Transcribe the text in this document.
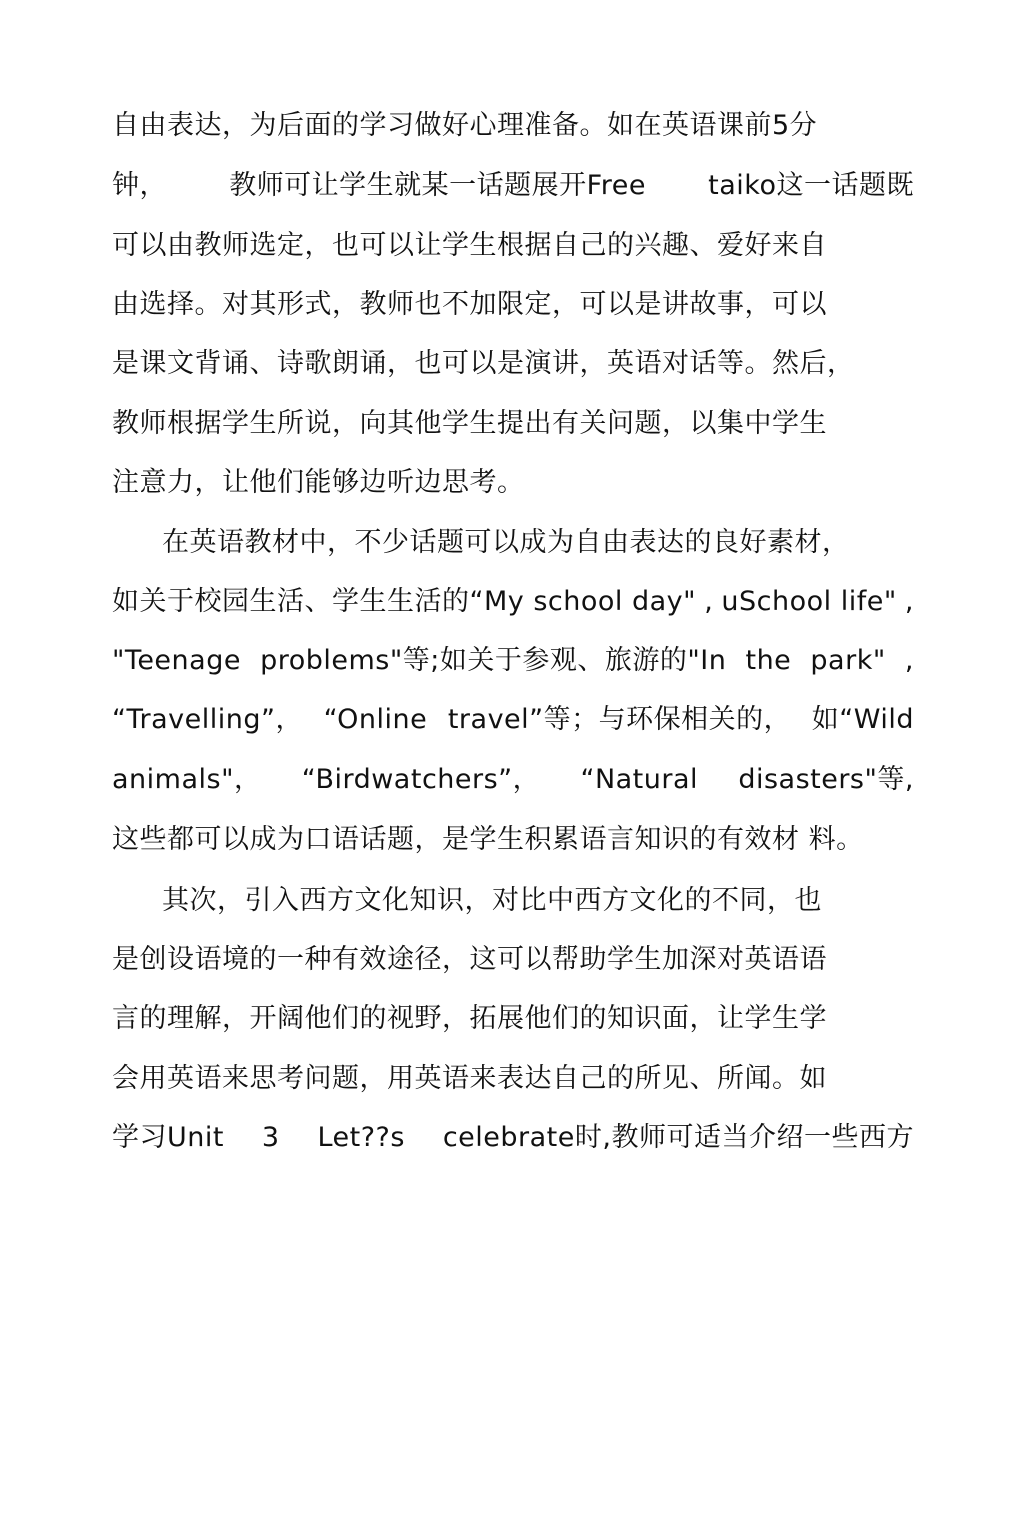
自由表达，为后面的学习做好心理准备。如在英语课前5分
钟， 教师可让学生就某一话题展开Free taiko这一话题既
可以由教师选定，也可以让学生根据自己的兴趣、爱好来自
由选择。对其形式，教师也不加限定，可以是讲故事，可以
是课文背诵、诗歌朗诵，也可以是演讲，英语对话等。然后，
教师根据学生所说，向其他学生提出有关问题，以集中学生
注意力，让他们能够边听边思考。
在英语教材中，不少话题可以成为自由表达的良好素材，
如关于校园生活、学生生活的“My school day" , uSchool life" ,
"Teenage problems"等;如关于参观、旅游的"In the park" ,
“Travelling”， “Online travel”等；与环保相关的， 如“Wild
animals"， “Birdwatchers”， “Natural disasters"等,
这些都可以成为口语话题，是学生积累语言知识的有效材 料。
其次，引入西方文化知识，对比中西方文化的不同，也
是创设语境的一种有效途径，这可以帮助学生加深对英语语
言的理解，开阔他们的视野，拓展他们的知识面，让学生学
会用英语来思考问题，用英语来表达自己的所见、所闻。如
学习Unit 3 Let??s celebrate时,教师可适当介绍一些西方
